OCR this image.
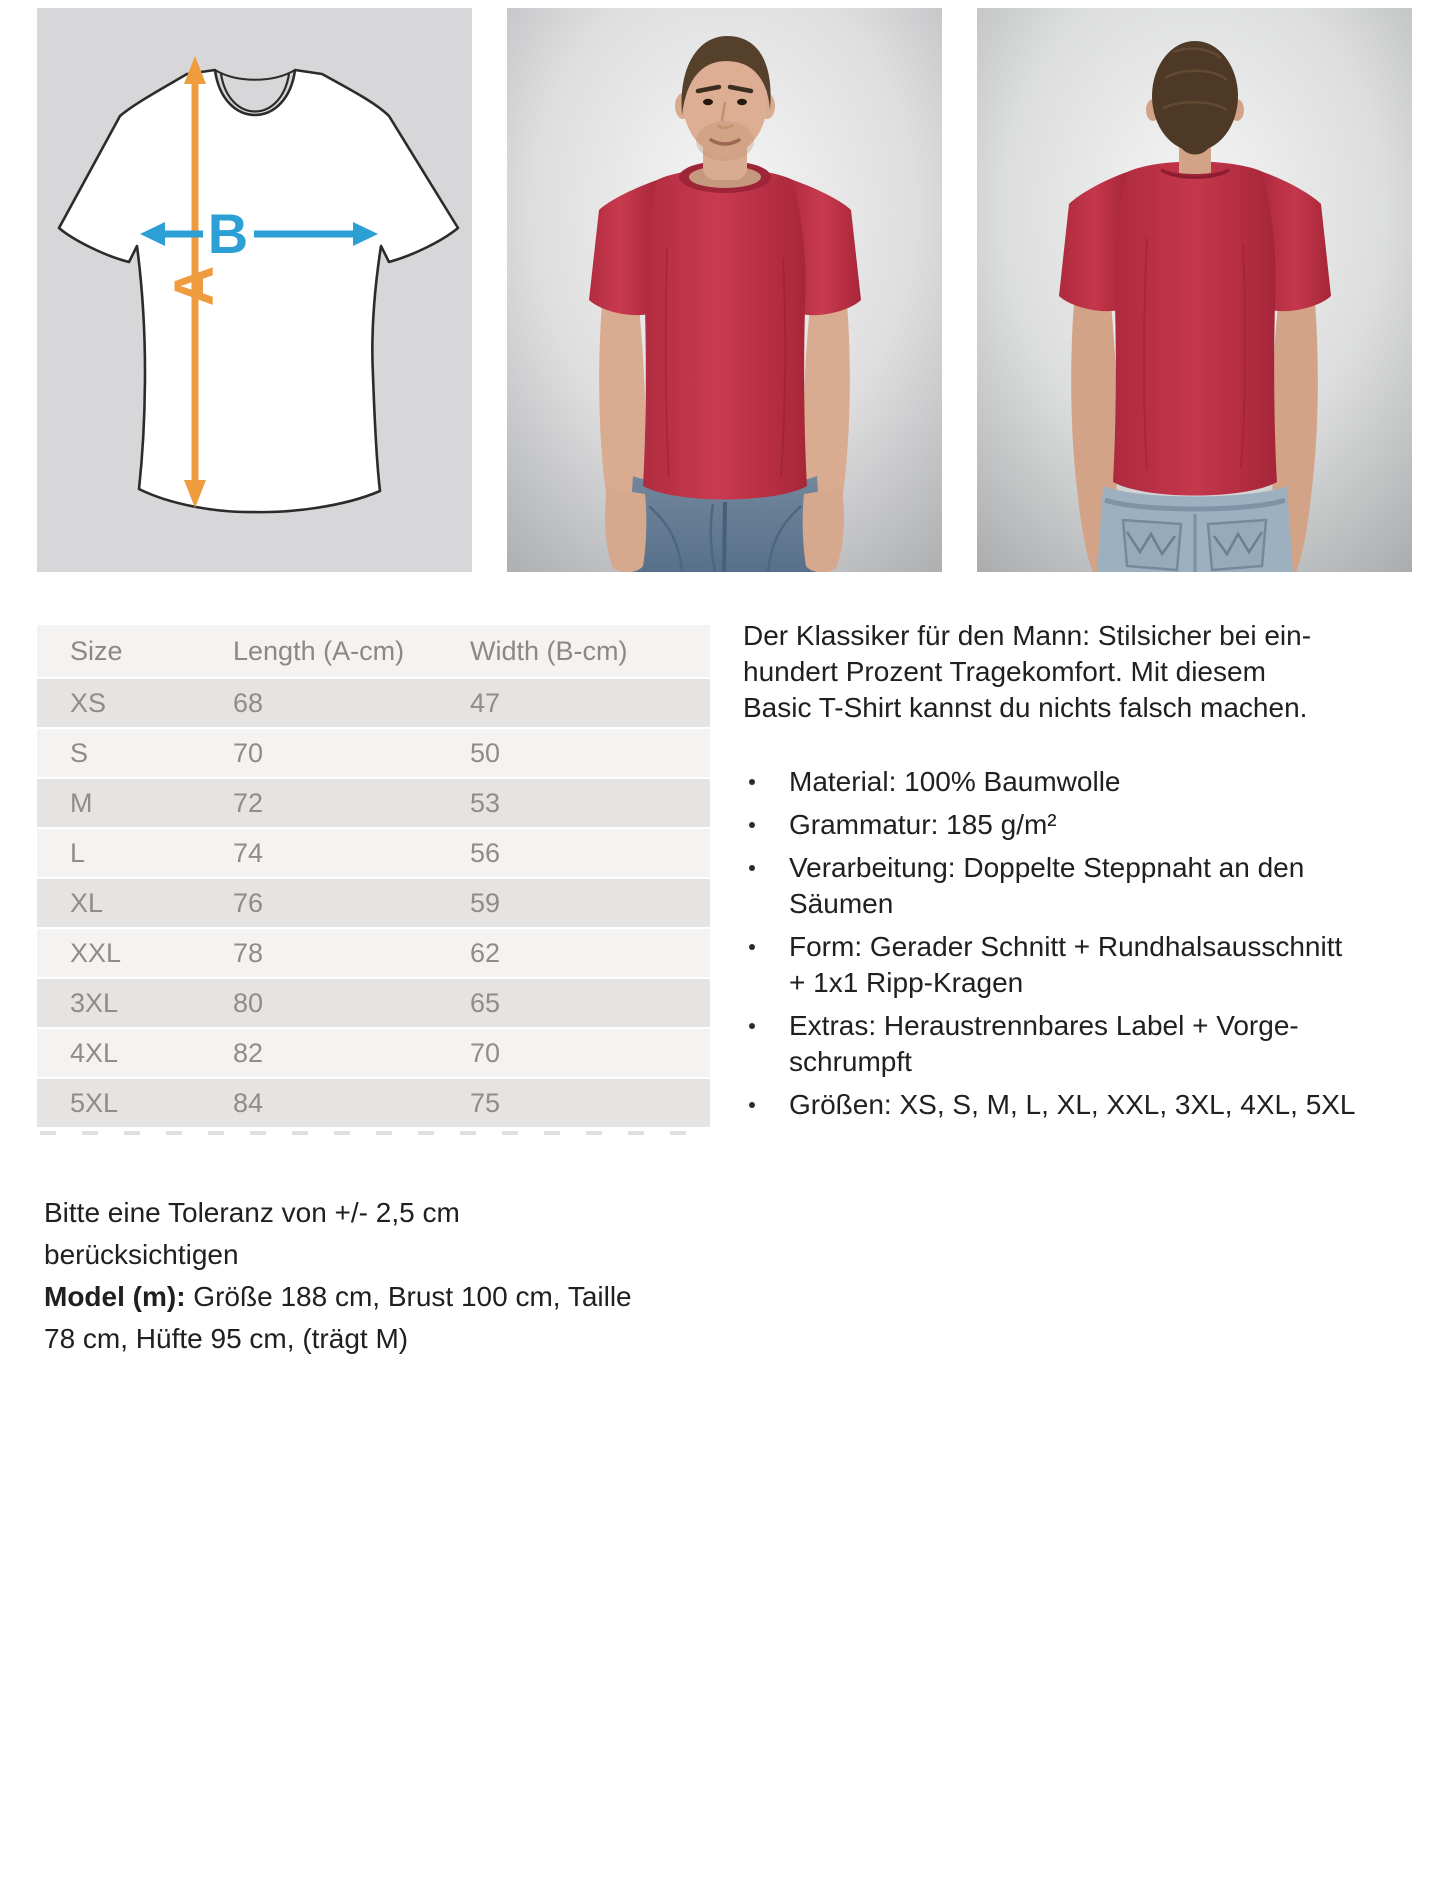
A
B
Size	Length (A-cm)	Width (B-cm)
XS	68	47
S	70	50
M	72	53
L	74	56
XL	76	59
XXL	78	62
3XL	80	65
4XL	82	70
5XL	84	75
Bitte eine Toleranz von +/- 2,5 cm berücksichtigen
Model (m): Größe 188 cm, Brust 100 cm, Taille
78 cm, Hüfte 95 cm, (trägt M)
Der Klassiker für den Mann: Stilsicher bei ein-
hundert Prozent Tragekomfort. Mit diesem
Basic T-Shirt kannst du nichts falsch machen.
Material: 100% Baumwolle
Grammatur: 185 g/m²
Verarbeitung: Doppelte Steppnaht an den
Säumen
Form: Gerader Schnitt + Rundhalsausschnitt
+ 1x1 Ripp-Kragen
Extras: Heraustrennbares Label + Vorge-
schrumpft
Größen: XS, S, M, L, XL, XXL, 3XL, 4XL, 5XL
